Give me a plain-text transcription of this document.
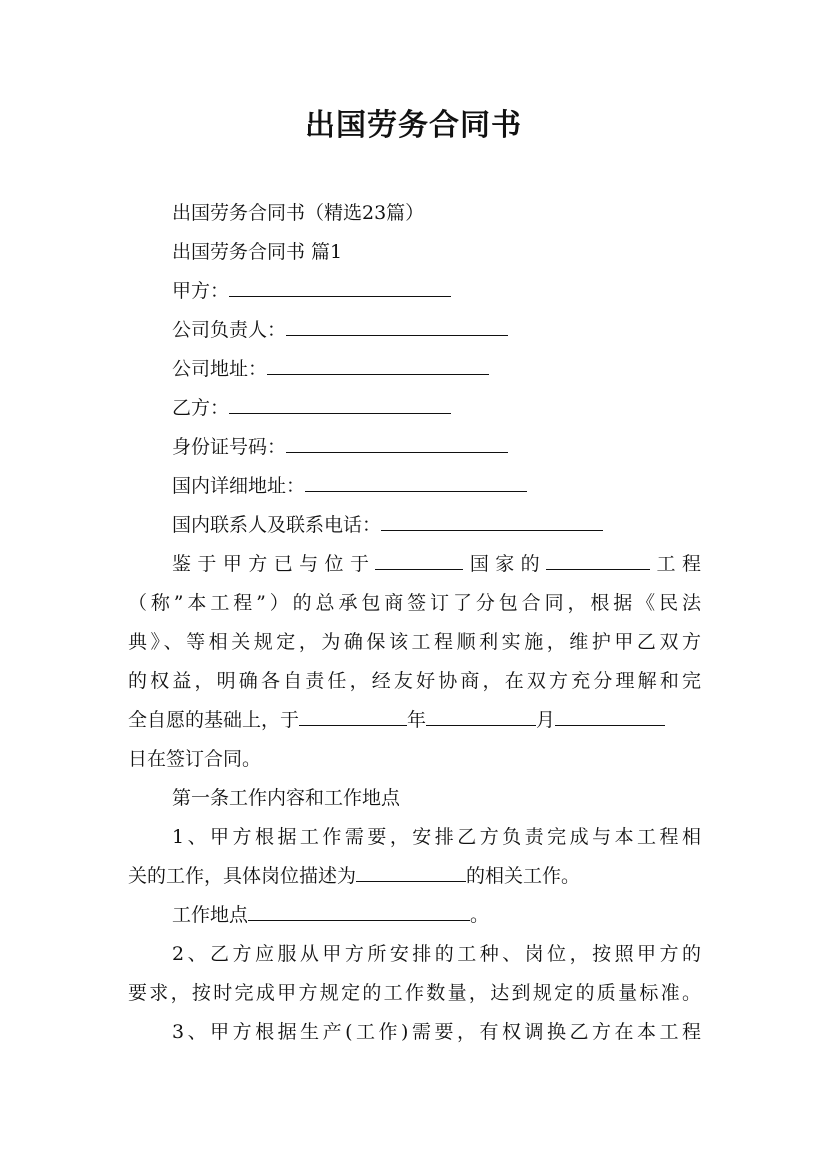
出国劳务合同书
出国劳务合同书（精选23篇）
出国劳务合同书 篇1
甲方：
公司负责人：
公司地址：
乙方：
身份证号码：
国内详细地址：
国内联系人及联系电话：
鉴于甲方已与位于	国家的	工程
（称”本工程”）的总承包商签订了分包合同，根据《民法
典》、等相关规定，为确保该工程顺利实施，维护甲乙双方
的权益，明确各自责任，经友好协商，在双方充分理解和完
全自愿的基础上，于	年	月
日在签订合同。
第一条工作内容和工作地点
1、甲方根据工作需要，安排乙方负责完成与本工程相
关的工作，具体岗位描述为	的相关工作。
工作地点	。
2、乙方应服从甲方所安排的工种、岗位，按照甲方的
要求，按时完成甲方规定的工作数量，达到规定的质量标准。
3、甲方根据生产(工作)需要，有权调换乙方在本工程
